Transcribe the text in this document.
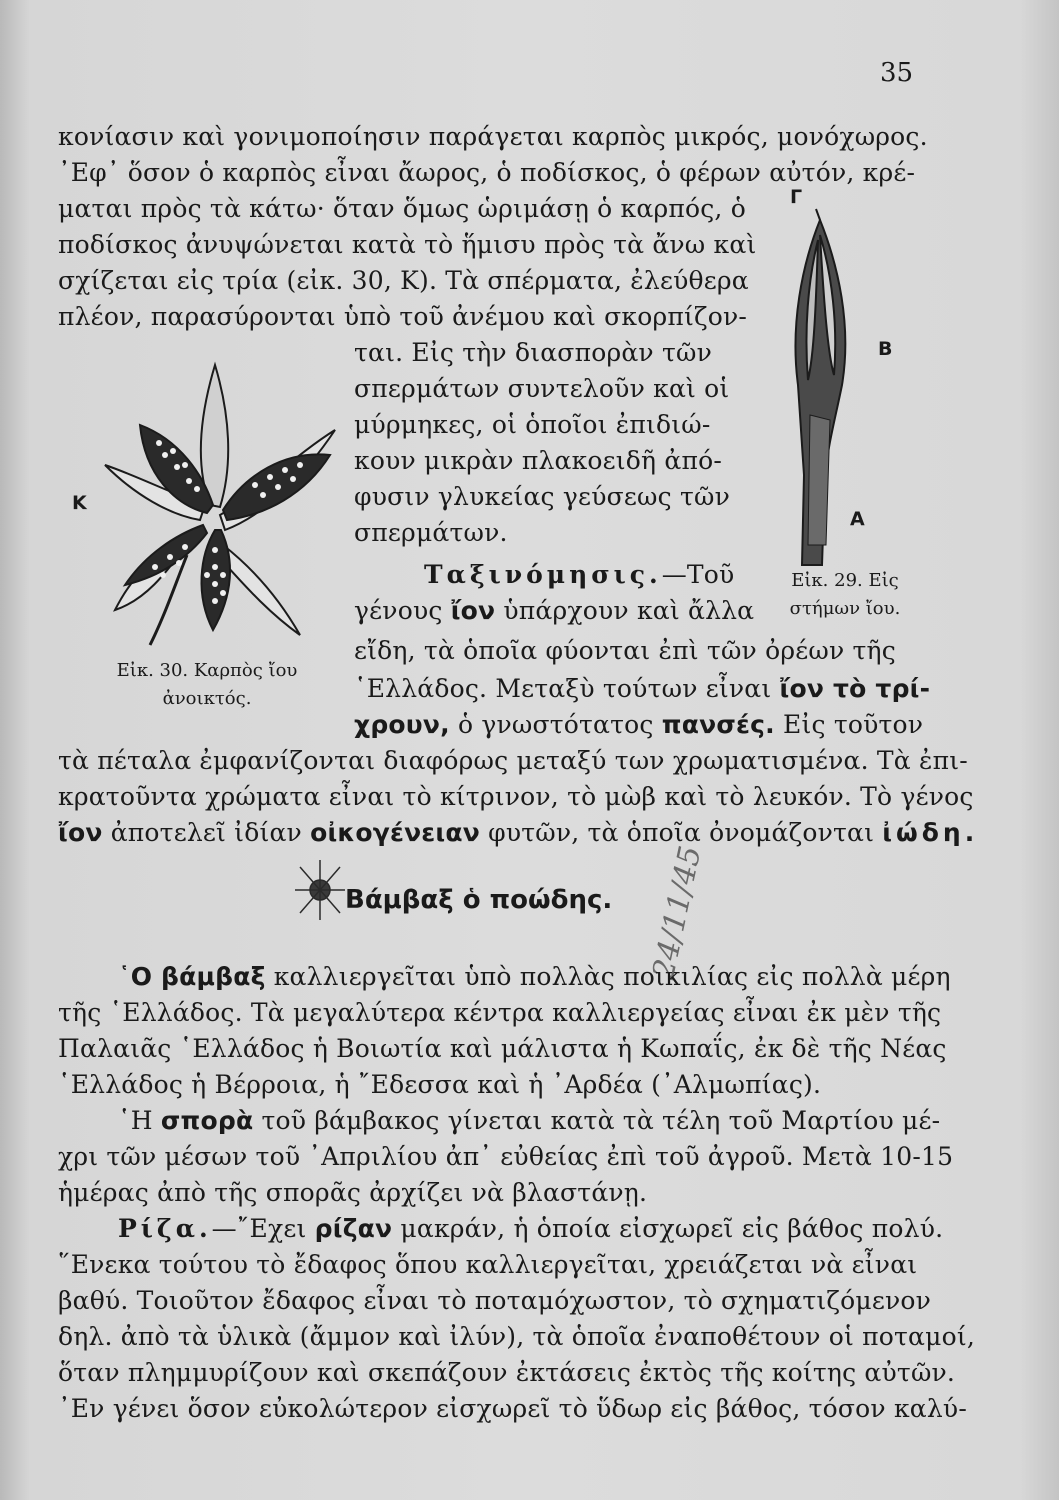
35
κονίασιν καὶ γονιμοποίησιν παράγεται καρπὸς μικρός, μονόχωρος.
᾿Εφ᾿ ὅσον ὁ καρπὸς εἶναι ἄωρος, ὁ ποδίσκος, ὁ φέρων αὐτόν, κρέ-
μαται πρὸς τὰ κάτω· ὅταν ὅμως ὡριμάσῃ ὁ καρπός, ὁ
ποδίσκος ἀνυψώνεται κατὰ τὸ ἥμισυ πρὸς τὰ ἄνω καὶ
σχίζεται εἰς τρία (εἰκ. 30, Κ). Τὰ σπέρματα, ἐλεύθερα
πλέον, παρασύρονται ὑπὸ τοῦ ἀνέμου καὶ σκορπίζον-
ται. Εἰς τὴν διασπορὰν τῶν
σπερμάτων συντελοῦν καὶ οἱ
μύρμηκες, οἱ ὁποῖοι ἐπιδιώ-
κουν μικρὰν πλακοειδῆ ἀπό-
φυσιν γλυκείας γεύσεως τῶν
σπερμάτων.
Ταξινόμησις.—Τοῦ
γένους ἴον ὑπάρχουν καὶ ἄλλα
εἴδη, τὰ ὁποῖα φύονται ἐπὶ τῶν ὀρέων τῆς
῾Ελλάδος. Μεταξὺ τούτων εἶναι ἴον τὸ τρί-
χρουν, ὁ γνωστότατος πανσές. Εἰς τοῦτον
τὰ πέταλα ἐμφανίζονται διαφόρως μεταξύ των χρωματισμένα. Τὰ ἐπι-
κρατοῦντα χρώματα εἶναι τὸ κίτρινον, τὸ μὼβ καὶ τὸ λευκόν. Τὸ γένος
ἴον ἀποτελεῖ ἰδίαν οἰκογένειαν φυτῶν, τὰ ὁποῖα ὀνομάζονται ἰώδη.
Κ
Εἰκ. 30. Καρπὸς ἴου
ἀνοικτός.
Γ
Β
Α
Εἰκ. 29. Εἰς
στήμων ἴου.
Βάμβαξ ὁ ποώδης. 24/11/45
῾Ο βάμβαξ καλλιεργεῖται ὑπὸ πολλὰς ποικιλίας εἰς πολλὰ μέρη
τῆς ῾Ελλάδος. Τὰ μεγαλύτερα κέντρα καλλιεργείας εἶναι ἐκ μὲν τῆς
Παλαιᾶς ῾Ελλάδος ἡ Βοιωτία καὶ μάλιστα ἡ Κωπαΐς, ἐκ δὲ τῆς Νέας
῾Ελλάδος ἡ Βέρροια, ἡ ῎Εδεσσα καὶ ἡ ᾿Αρδέα (᾿Αλμωπίας).
῾Η σπορὰ τοῦ βάμβακος γίνεται κατὰ τὰ τέλη τοῦ Μαρτίου μέ-
χρι τῶν μέσων τοῦ ᾿Απριλίου ἀπ᾿ εὐθείας ἐπὶ τοῦ ἀγροῦ. Μετὰ 10-15
ἡμέρας ἀπὸ τῆς σπορᾶς ἀρχίζει νὰ βλαστάνῃ.
Ρίζα.—῎Εχει ρίζαν μακράν, ἡ ὁποία εἰσχωρεῖ εἰς βάθος πολύ.
῞Ενεκα τούτου τὸ ἔδαφος ὅπου καλλιεργεῖται, χρειάζεται νὰ εἶναι
βαθύ. Τοιοῦτον ἔδαφος εἶναι τὸ ποταμόχωστον, τὸ σχηματιζόμενον
δηλ. ἀπὸ τὰ ὑλικὰ (ἄμμον καὶ ἰλύν), τὰ ὁποῖα ἐναποθέτουν οἱ ποταμοί,
ὅταν πλημμυρίζουν καὶ σκεπάζουν ἐκτάσεις ἐκτὸς τῆς κοίτης αὐτῶν.
᾿Εν γένει ὅσον εὐκολώτερον εἰσχωρεῖ τὸ ὕδωρ εἰς βάθος, τόσον καλύ-
